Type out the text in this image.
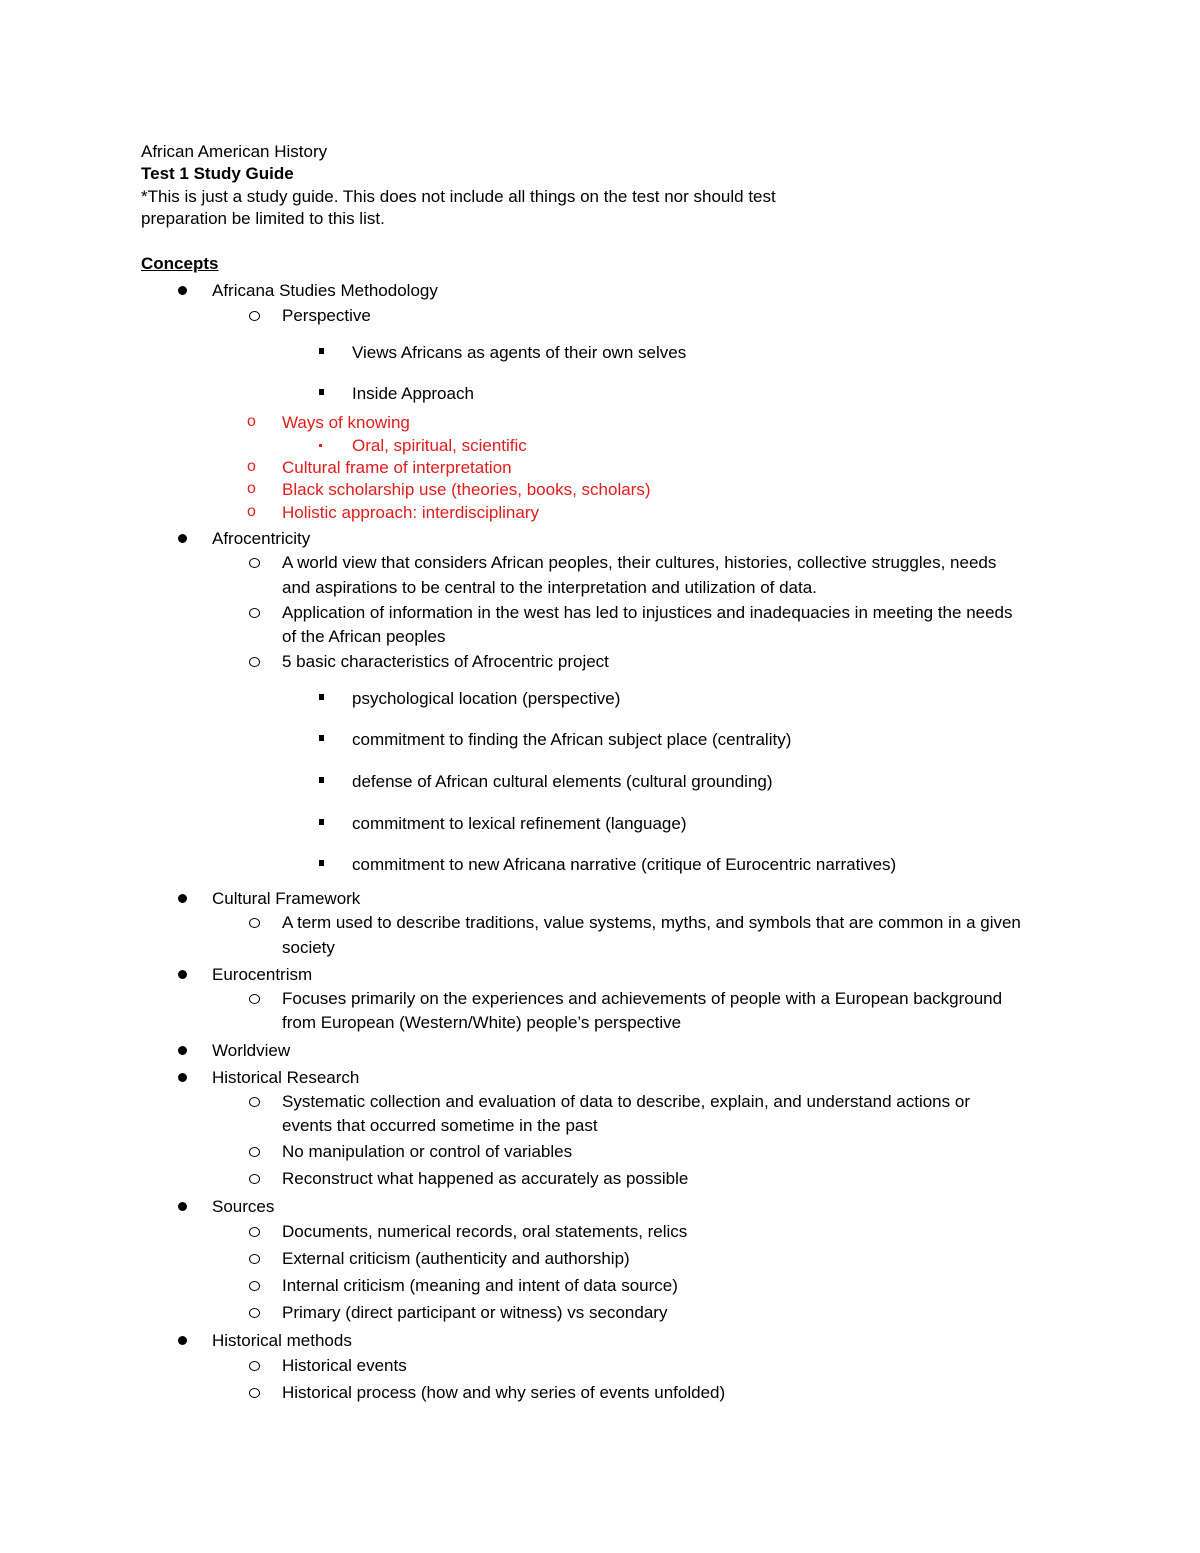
African American History
Test 1 Study Guide
*This is just a study guide. This does not include all things on the test nor should test
preparation be limited to this list.
Concepts
Africana Studies Methodology
Perspective
Views Africans as agents of their own selves
Inside Approach
o Ways of knowing
Oral, spiritual, scientific
o Cultural frame of interpretation
o Black scholarship use (theories, books, scholars)
o Holistic approach: interdisciplinary
Afrocentricity
A world view that considers African peoples, their cultures, histories, collective struggles, needs
and aspirations to be central to the interpretation and utilization of data.
Application of information in the west has led to injustices and inadequacies in meeting the needs
of the African peoples
5 basic characteristics of Afrocentric project
psychological location (perspective)
commitment to finding the African subject place (centrality)
defense of African cultural elements (cultural grounding)
commitment to lexical refinement (language)
commitment to new Africana narrative (critique of Eurocentric narratives)
Cultural Framework
A term used to describe traditions, value systems, myths, and symbols that are common in a given
society
Eurocentrism
Focuses primarily on the experiences and achievements of people with a European background
from European (Western/White) people’s perspective
Worldview
Historical Research
Systematic collection and evaluation of data to describe, explain, and understand actions or
events that occurred sometime in the past
No manipulation or control of variables
Reconstruct what happened as accurately as possible
Sources
Documents, numerical records, oral statements, relics
External criticism (authenticity and authorship)
Internal criticism (meaning and intent of data source)
Primary (direct participant or witness) vs secondary
Historical methods
Historical events
Historical process (how and why series of events unfolded)
